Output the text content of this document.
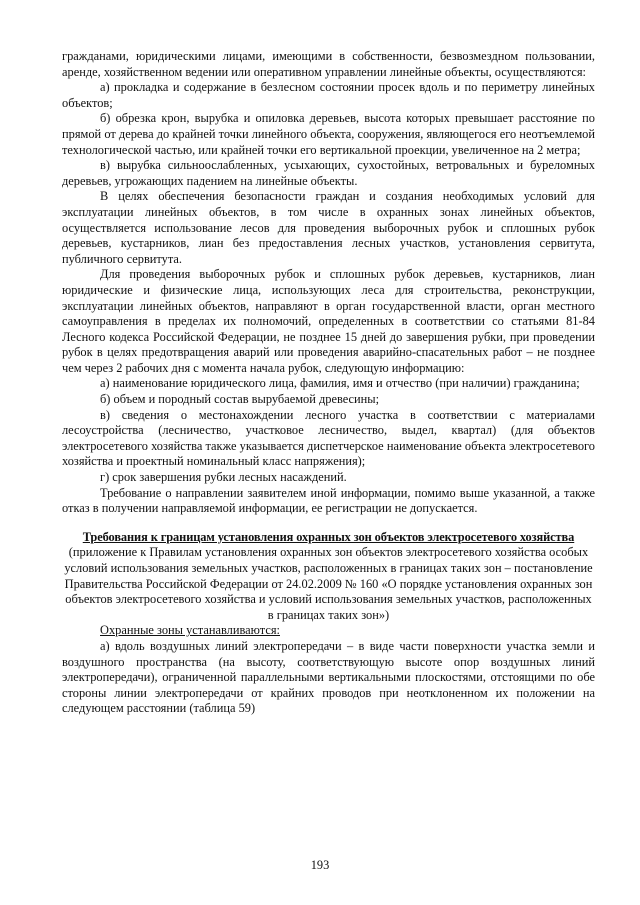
гражданами, юридическими лицами, имеющими в собственности, безвозмездном пользовании, аренде, хозяйственном ведении или оперативном управлении линейные объекты, осуществляются:

а) прокладка и содержание в безлесном состоянии просек вдоль и по периметру линейных объектов;

б) обрезка крон, вырубка и опиловка деревьев, высота которых превышает расстояние по прямой от дерева до крайней точки линейного объекта, сооружения, являющегося его неотъемлемой технологической частью, или крайней точки его вертикальной проекции, увеличенное на 2 метра;

в) вырубка сильноослабленных, усыхающих, сухостойных, ветровальных и буреломных деревьев, угрожающих падением на линейные объекты.

В целях обеспечения безопасности граждан и создания необходимых условий для эксплуатации линейных объектов, в том числе в охранных зонах линейных объектов, осуществляется использование лесов для проведения выборочных рубок и сплошных рубок деревьев, кустарников, лиан без предоставления лесных участков, установления сервитута, публичного сервитута.

Для проведения выборочных рубок и сплошных рубок деревьев, кустарников, лиан юридические и физические лица, использующих леса для строительства, реконструкции, эксплуатации линейных объектов, направляют в орган государственной власти, орган местного самоуправления в пределах их полномочий, определенных в соответствии со статьями 81-84 Лесного кодекса Российской Федерации, не позднее 15 дней до завершения рубки, при проведении рубок в целях предотвращения аварий или проведения аварийно-спасательных работ – не позднее чем через 2 рабочих дня с момента начала рубок, следующую информацию:

а) наименование юридического лица, фамилия, имя и отчество (при наличии) гражданина;

б) объем и породный состав вырубаемой древесины;

в) сведения о местонахождении лесного участка в соответствии с материалами лесоустройства (лесничество, участковое лесничество, выдел, квартал) (для объектов электросетевого хозяйства также указывается диспетчерское наименование объекта электросетевого хозяйства и проектный номинальный класс напряжения);

г) срок завершения рубки лесных насаждений.

Требование о направлении заявителем иной информации, помимо выше указанной, а также отказ в получении направляемой информации, ее регистрации не допускается.

Требования к границам установления охранных зон объектов электросетевого хозяйства

(приложение к Правилам установления охранных зон объектов электросетевого хозяйства особых условий использования земельных участков, расположенных в границах таких зон – постановление Правительства Российской Федерации от 24.02.2009 № 160 «О порядке установления охранных зон объектов электросетевого хозяйства и условий использования земельных участков, расположенных в границах таких зон»)

Охранные зоны устанавливаются:

а) вдоль воздушных линий электропередачи – в виде части поверхности участка земли и воздушного пространства (на высоту, соответствующую высоте опор воздушных линий электропередачи), ограниченной параллельными вертикальными плоскостями, отстоящими по обе стороны линии электропередачи от крайних проводов при неотклоненном их положении на следующем расстоянии (таблица 59)

193
